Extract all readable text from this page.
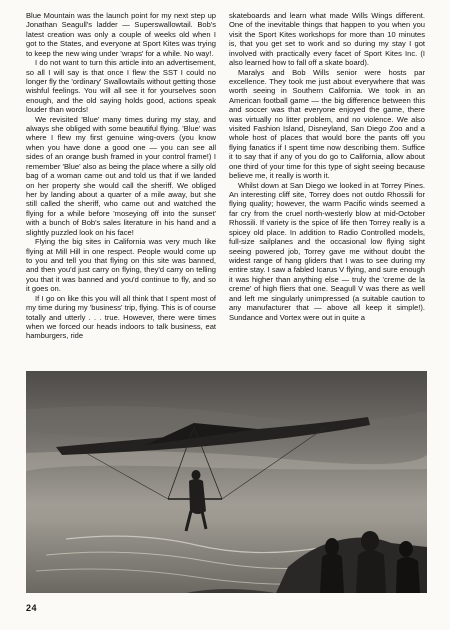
Blue Mountain was the launch point for my next step up Jonathan Seagull's ladder — Superswallowtail. Bob's latest creation was only a couple of weeks old when I got to the States, and everyone at Sport Kites was trying to keep the new wing under 'wraps' for a while. No way!.

I do not want to turn this article into an advertisement, so all I will say is that once I flew the SST I could no longer fly the 'ordinary' Swallowtails without getting those wishful feelings. You will all see it for yourselves soon enough, and the old saying holds good, actions speak louder than words!

We revisited 'Blue' many times during my stay, and always she obliged with some beautiful flying. 'Blue' was where I flew my first genuine wing-overs (you know when you have done a good one — you can see all sides of an orange bush framed in your control frame!) I remember 'Blue' also as being the place where a silly old bag of a woman came out and told us that if we landed on her property she would call the sheriff. We obliged her by landing about a quarter of a mile away, but she still called the sheriff, who came out and watched the flying for a while before 'moseying off into the sunset' with a bunch of Bob's sales literature in his hand and a slightly puzzled look on his face!

Flying the big sites in California was very much like flying at Mill Hill in one respect. People would come up to you and tell you that flying on this site was banned, and then you'd just carry on flying, they'd carry on telling you that it was banned and you'd continue to fly, and so it goes on.

If I go on like this you will all think that I spent most of my time during my 'business' trip, flying. This is of course totally and utterly . . . true. However, there were times when we forced our heads indoors to talk business, eat hamburgers, ride

skateboards and learn what made Wills Wings different. One of the inevitable things that happen to you when you visit the Sport Kites workshops for more than 10 minutes is, that you get set to work and so during my stay I got involved with practically every facet of Sport Kites Inc. (I also learned how to fall off a skate board).

Maralys and Bob Wills senior were hosts par excellence. They took me just about everywhere that was worth seeing in Southern California. We took in an American football game — the big difference between this and soccer was that everyone enjoyed the game, there was virtually no litter problem, and no violence. We also visited Fashion Island, Disneyland, San Diego Zoo and a whole host of places that would bore the pants off you flying fanatics if I spent time now describing them. Suffice it to say that if any of you do go to California, allow about one third of your time for this type of sight seeing because believe me, it really is worth it.

Whilst down at San Diego we looked in at Torrey Pines. An interesting cliff site, Torrey does not outdo Rhossili for flying quality; however, the warm Pacific winds seemed a far cry from the cruel north-westerly blow at mid-October Rhossili. If variety is the spice of life then Torrey really is a spicey old place. In addition to Radio Controlled models, full-size sailplanes and the occasional low flying sight seeing powered job, Torrey gave me without doubt the widest range of hang gliders that I was to see during my entire stay. I saw a fabled Icarus V flying, and sure enough it was higher than anything else — truly the 'creme de la creme' of high fliers that one. Seagull V was there as well and left me singularly unimpressed (a suitable caution to any manufacturer that — above all keep it simple!). Sundance and Vortex were out in quite a

24
